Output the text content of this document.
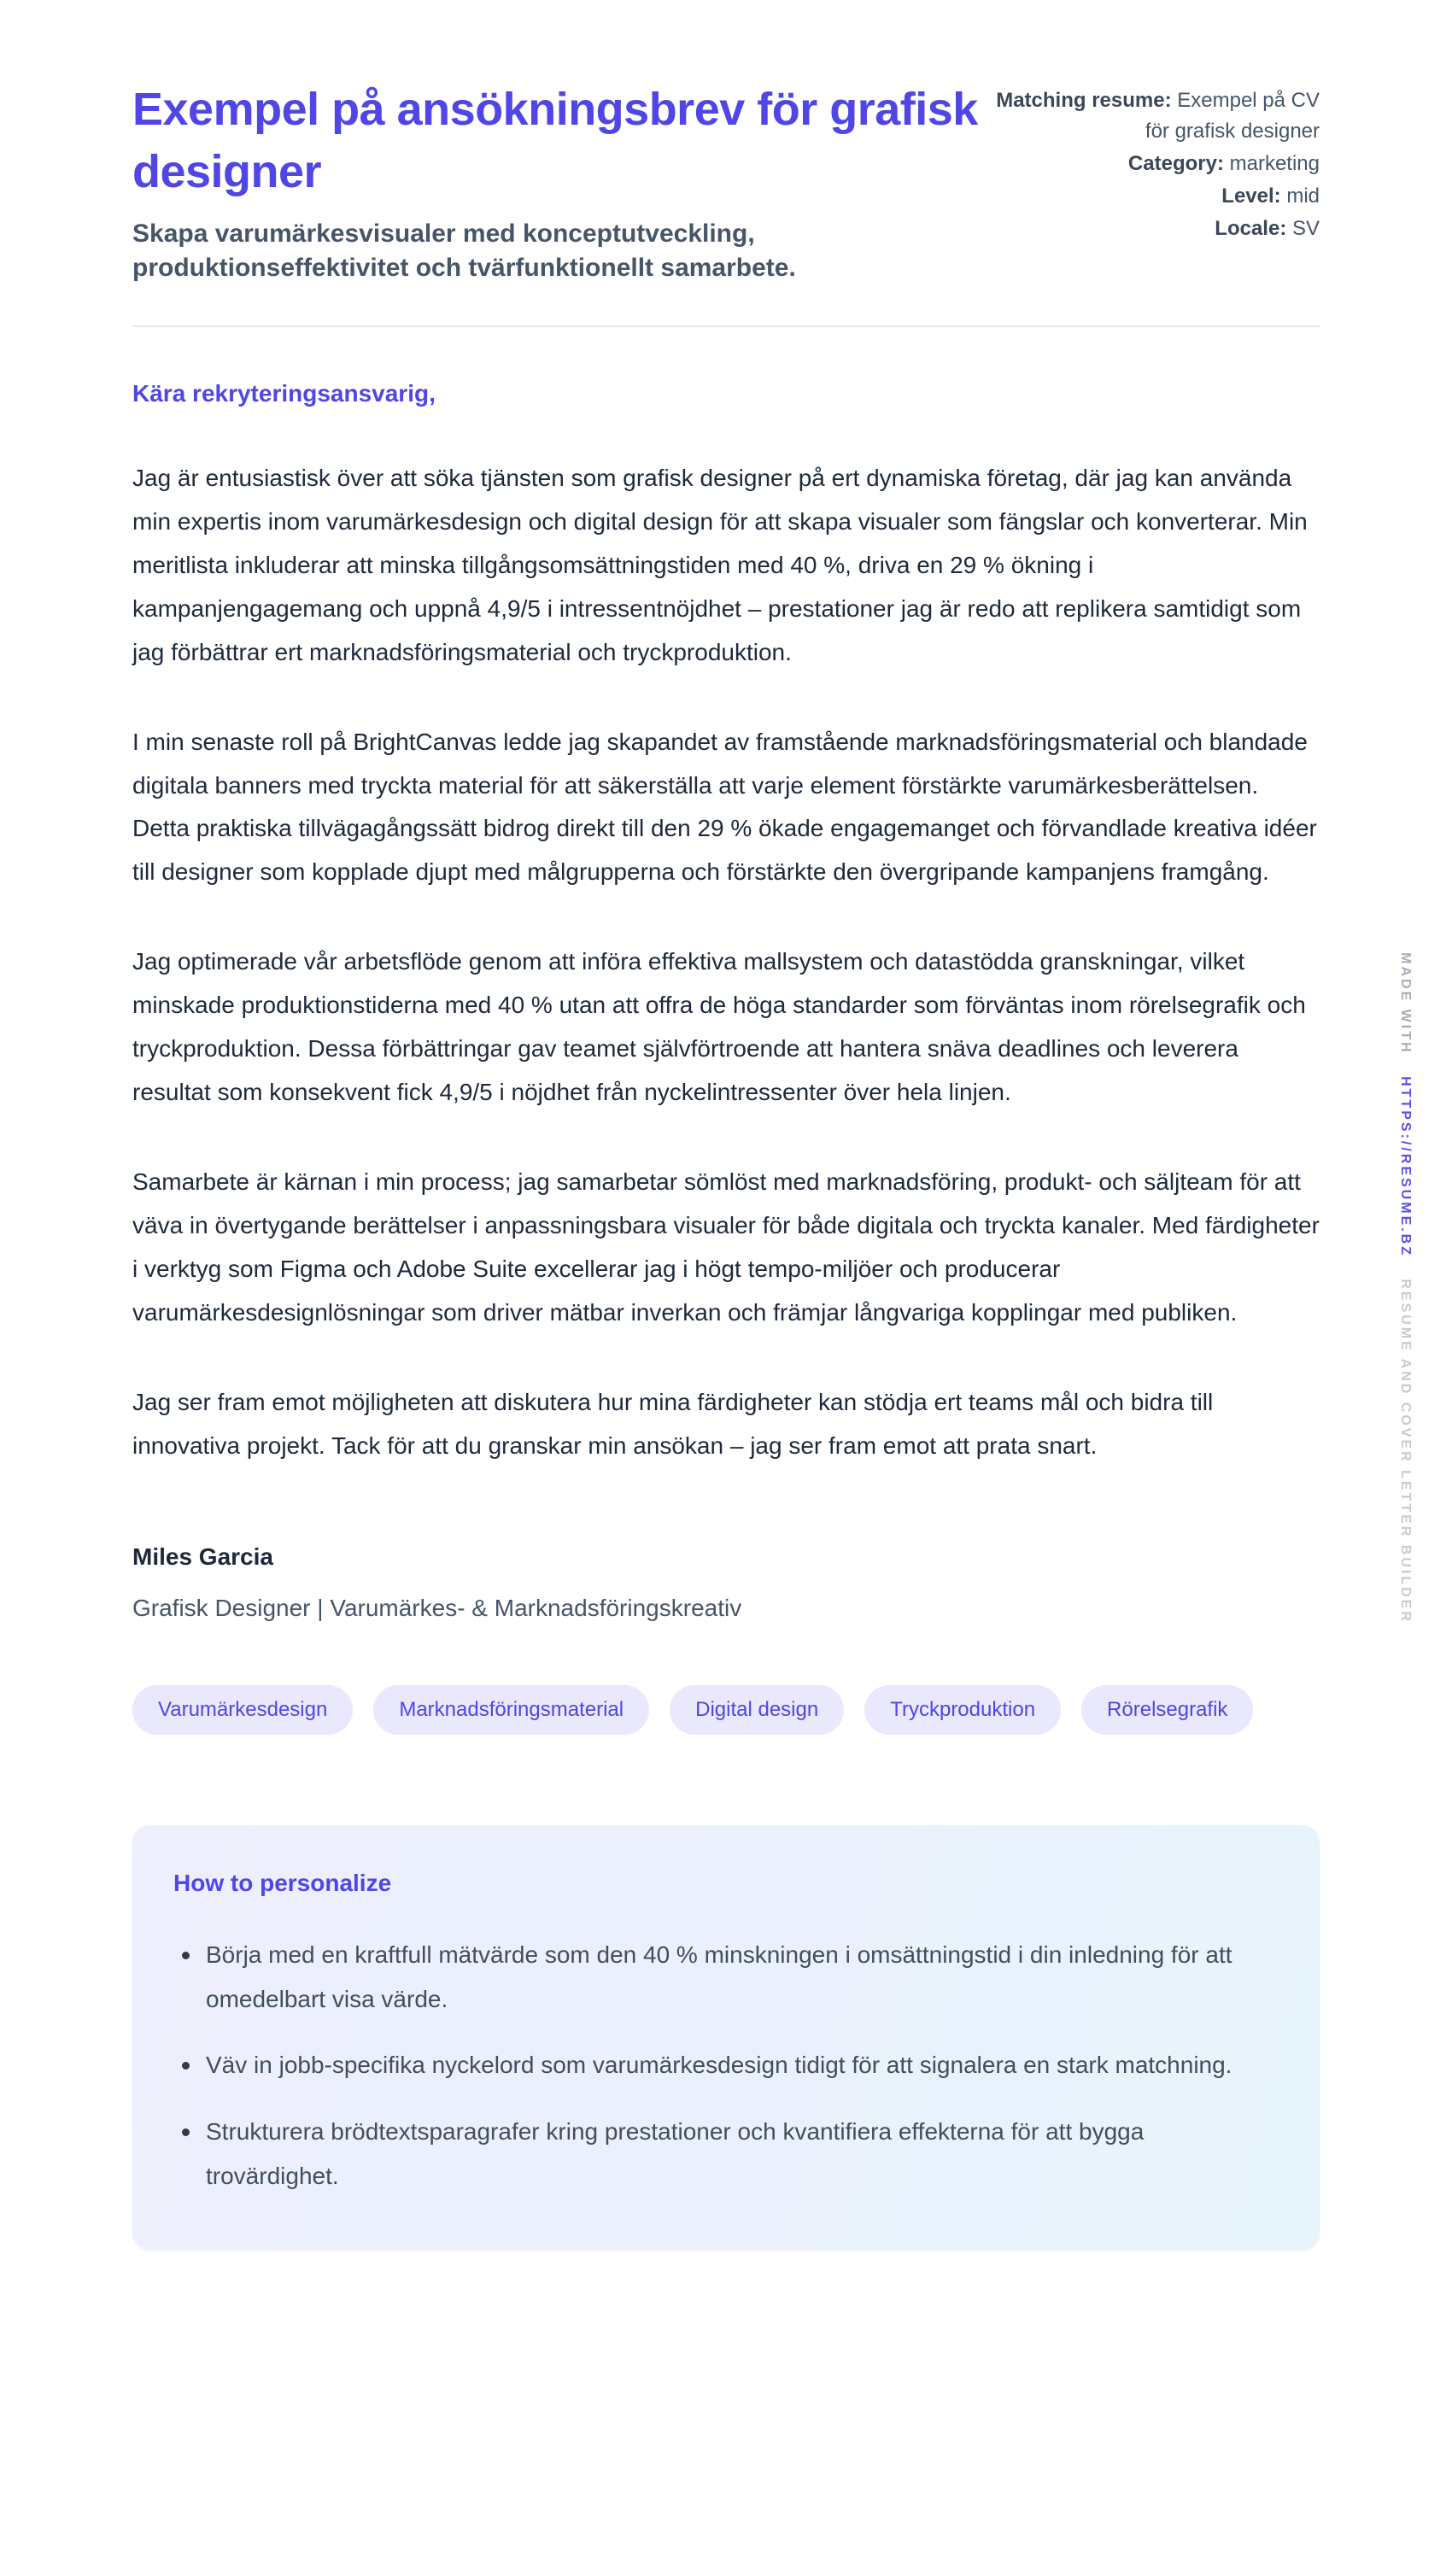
Exempel på ansökningsbrev för grafisk designer
Skapa varumärkesvisualer med konceptutveckling, produktionseffektivitet och tvärfunktionellt samarbete.
Matching resume: Exempel på CV för grafisk designer
Category: marketing
Level: mid
Locale: SV

Kära rekryteringsansvarig,

Jag är entusiastisk över att söka tjänsten som grafisk designer på ert dynamiska företag, där jag kan använda min expertis inom varumärkesdesign och digital design för att skapa visualer som fängslar och konverterar. Min meritlista inkluderar att minska tillgångsomsättningstiden med 40 %, driva en 29 % ökning i kampanjengagemang och uppnå 4,9/5 i intressentnöjdhet – prestationer jag är redo att replikera samtidigt som jag förbättrar ert marknadsföringsmaterial och tryckproduktion.

I min senaste roll på BrightCanvas ledde jag skapandet av framstående marknadsföringsmaterial och blandade digitala banners med tryckta material för att säkerställa att varje element förstärkte varumärkesberättelsen. Detta praktiska tillvägagångssätt bidrog direkt till den 29 % ökade engagemanget och förvandlade kreativa idéer till designer som kopplade djupt med målgrupperna och förstärkte den övergripande kampanjens framgång.

Jag optimerade vår arbetsflöde genom att införa effektiva mallsystem och datastödda granskningar, vilket minskade produktionstiderna med 40 % utan att offra de höga standarder som förväntas inom rörelsegrafik och tryckproduktion. Dessa förbättringar gav teamet självförtroende att hantera snäva deadlines och leverera resultat som konsekvent fick 4,9/5 i nöjdhet från nyckelintressenter över hela linjen.

Samarbete är kärnan i min process; jag samarbetar sömlöst med marknadsföring, produkt- och säljteam för att väva in övertygande berättelser i anpassningsbara visualer för både digitala och tryckta kanaler. Med färdigheter i verktyg som Figma och Adobe Suite excellerar jag i högt tempo-miljöer och producerar varumärkesdesignlösningar som driver mätbar inverkan och främjar långvariga kopplingar med publiken.

Jag ser fram emot möjligheten att diskutera hur mina färdigheter kan stödja ert teams mål och bidra till innovativa projekt. Tack för att du granskar min ansökan – jag ser fram emot att prata snart.

Miles Garcia
Grafisk Designer | Varumärkes- & Marknadsföringskreativ
Varumärkesdesign	Marknadsföringsmaterial	Digital design	Tryckproduktion	Rörelsegrafik
How to personalize
Börja med en kraftfull mätvärde som den 40 % minskningen i omsättningstid i din inledning för att omedelbart visa värde.
Väv in jobb-specifika nyckelord som varumärkesdesign tidigt för att signalera en stark matchning.
Strukturera brödtextsparagrafer kring prestationer och kvantifiera effekterna för att bygga trovärdighet.
MADE WITH HTTPS://RESUME.BZ RESUME AND COVER LETTER BUILDER
